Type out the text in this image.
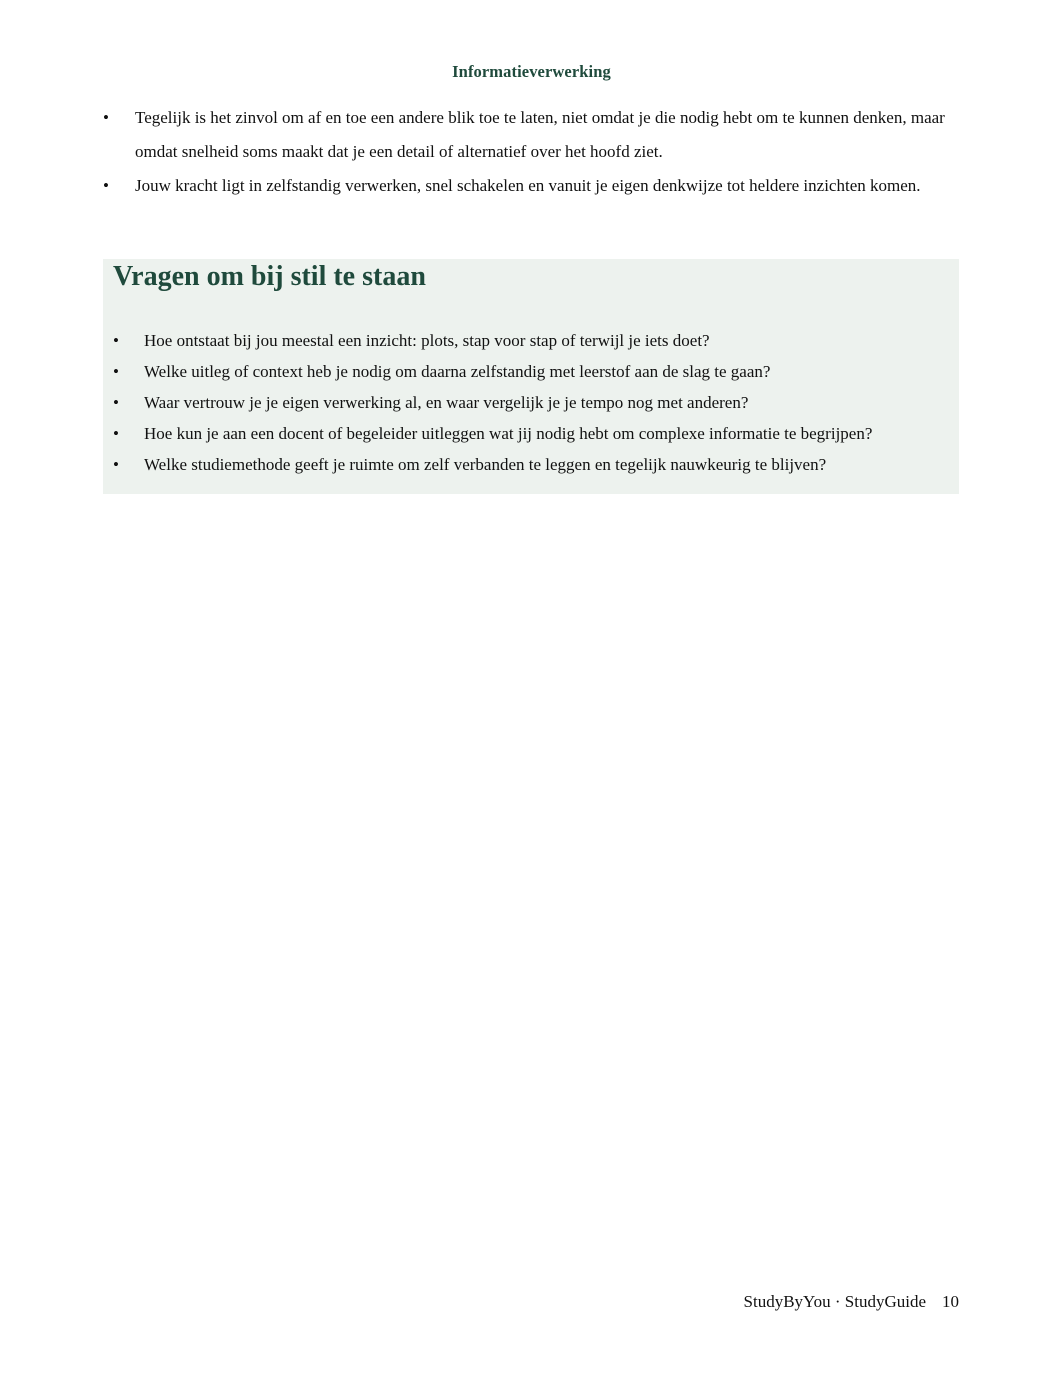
Informatieverwerking
•	Tegelijk is het zinvol om af en toe een andere blik toe te laten, niet omdat je die nodig hebt om te kunnen denken, maar omdat snelheid soms maakt dat je een detail of alternatief over het hoofd ziet.
•	Jouw kracht ligt in zelfstandig verwerken, snel schakelen en vanuit je eigen denkwijze tot heldere inzichten komen.
Vragen om bij stil te staan
•	Hoe ontstaat bij jou meestal een inzicht: plots, stap voor stap of terwijl je iets doet?
•	Welke uitleg of context heb je nodig om daarna zelfstandig met leerstof aan de slag te gaan?
•	Waar vertrouw je je eigen verwerking al, en waar vergelijk je je tempo nog met anderen?
•	Hoe kun je aan een docent of begeleider uitleggen wat jij nodig hebt om complexe informatie te begrijpen?
•	Welke studiemethode geeft je ruimte om zelf verbanden te leggen en tegelijk nauwkeurig te blijven?
StudyByYou · StudyGuide 10
